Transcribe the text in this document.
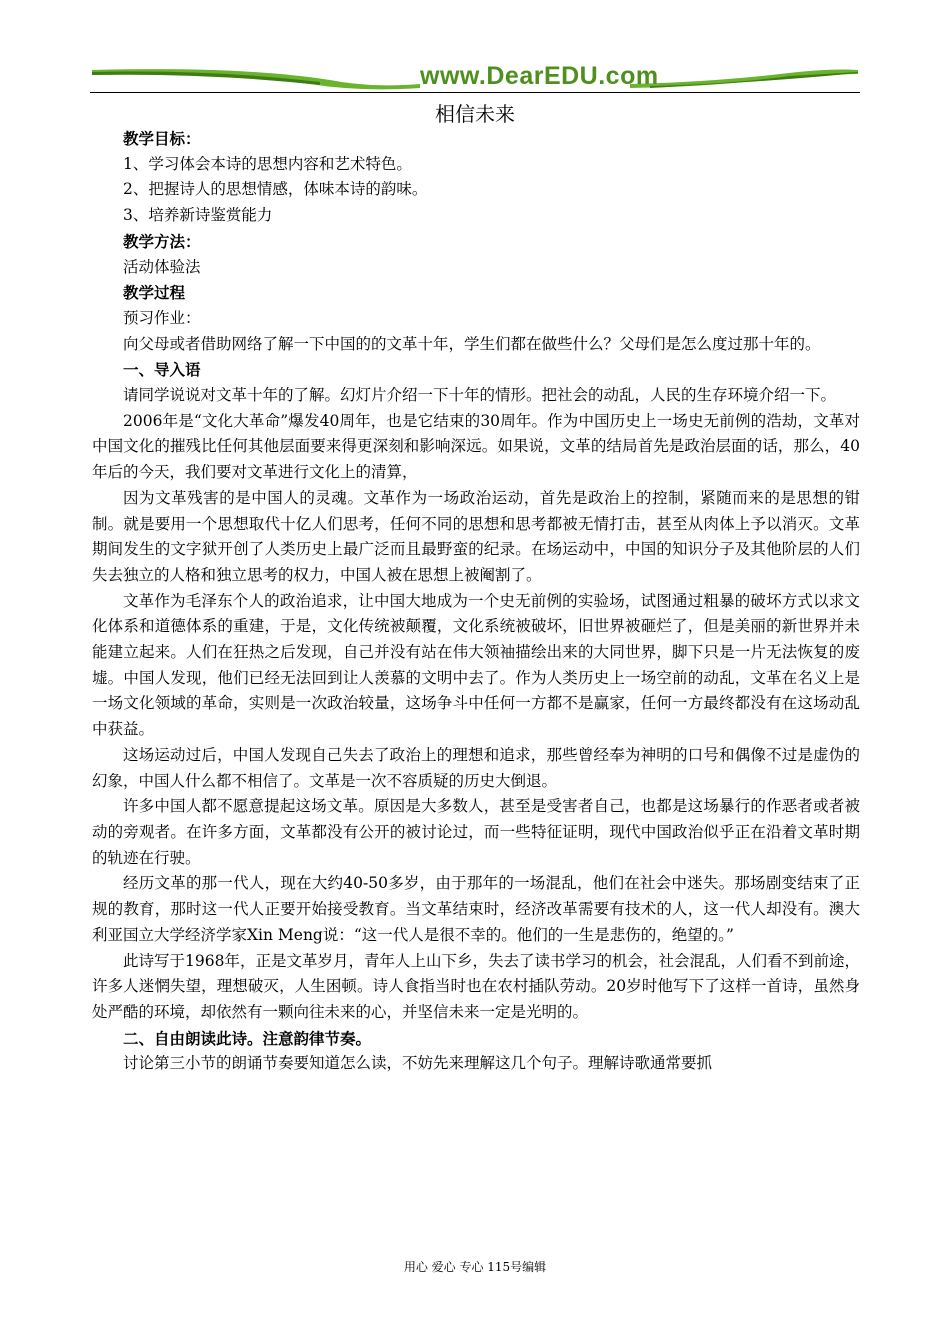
www.DearEDU.com
相信未来

教学目标：

1、学习体会本诗的思想内容和艺术特色。

2、把握诗人的思想情感，体味本诗的韵味。

3、培养新诗鉴赏能力

教学方法：

活动体验法

教学过程

预习作业：

向父母或者借助网络了解一下中国的的文革十年，学生们都在做些什么？父母们是怎么度过那十年的。

一、导入语

请同学说说对文革十年的了解。幻灯片介绍一下十年的情形。把社会的动乱，人民的生存环境介绍一下。

2006年是“文化大革命”爆发40周年，也是它结束的30周年。作为中国历史上一场史无前例的浩劫，文革对中国文化的摧残比任何其他层面要来得更深刻和影响深远。如果说，文革的结局首先是政治层面的话，那么，40年后的今天，我们要对文革进行文化上的清算，

因为文革残害的是中国人的灵魂。文革作为一场政治运动，首先是政治上的控制，紧随而来的是思想的钳制。就是要用一个思想取代十亿人们思考，任何不同的思想和思考都被无情打击，甚至从肉体上予以消灭。文革期间发生的文字狱开创了人类历史上最广泛而且最野蛮的纪录。在场运动中，中国的知识分子及其他阶层的人们失去独立的人格和独立思考的权力，中国人被在思想上被阉割了。

文革作为毛泽东个人的政治追求，让中国大地成为一个史无前例的实验场，试图通过粗暴的破坏方式以求文化体系和道德体系的重建，于是，文化传统被颠覆，文化系统被破坏，旧世界被砸烂了，但是美丽的新世界并未能建立起来。人们在狂热之后发现，自己并没有站在伟大领袖描绘出来的大同世界，脚下只是一片无法恢复的废墟。中国人发现，他们已经无法回到让人羡慕的文明中去了。作为人类历史上一场空前的动乱，文革在名义上是一场文化领域的革命，实则是一次政治较量，这场争斗中任何一方都不是赢家，任何一方最终都没有在这场动乱中获益。

这场运动过后，中国人发现自己失去了政治上的理想和追求，那些曾经奉为神明的口号和偶像不过是虚伪的幻象，中国人什么都不相信了。文革是一次不容质疑的历史大倒退。

许多中国人都不愿意提起这场文革。原因是大多数人，甚至是受害者自己，也都是这场暴行的作恶者或者被动的旁观者。在许多方面，文革都没有公开的被讨论过，而一些特征证明，现代中国政治似乎正在沿着文革时期的轨迹在行驶。

经历文革的那一代人，现在大约40-50多岁，由于那年的一场混乱，他们在社会中迷失。那场剧变结束了正规的教育，那时这一代人正要开始接受教育。当文革结束时，经济改革需要有技术的人，这一代人却没有。澳大利亚国立大学经济学家Xin Meng说：“这一代人是很不幸的。他们的一生是悲伤的，绝望的。”

此诗写于1968年，正是文革岁月，青年人上山下乡，失去了读书学习的机会，社会混乱，人们看不到前途，许多人迷惘失望，理想破灭，人生困顿。诗人食指当时也在农村插队劳动。20岁时他写下了这样一首诗，虽然身处严酷的环境，却依然有一颗向往未来的心，并坚信未来一定是光明的。

二、自由朗读此诗。注意韵律节奏。

讨论第三小节的朗诵节奏要知道怎么读，不妨先来理解这几个句子。理解诗歌通常要抓

用心 爱心 专心 115号编辑
